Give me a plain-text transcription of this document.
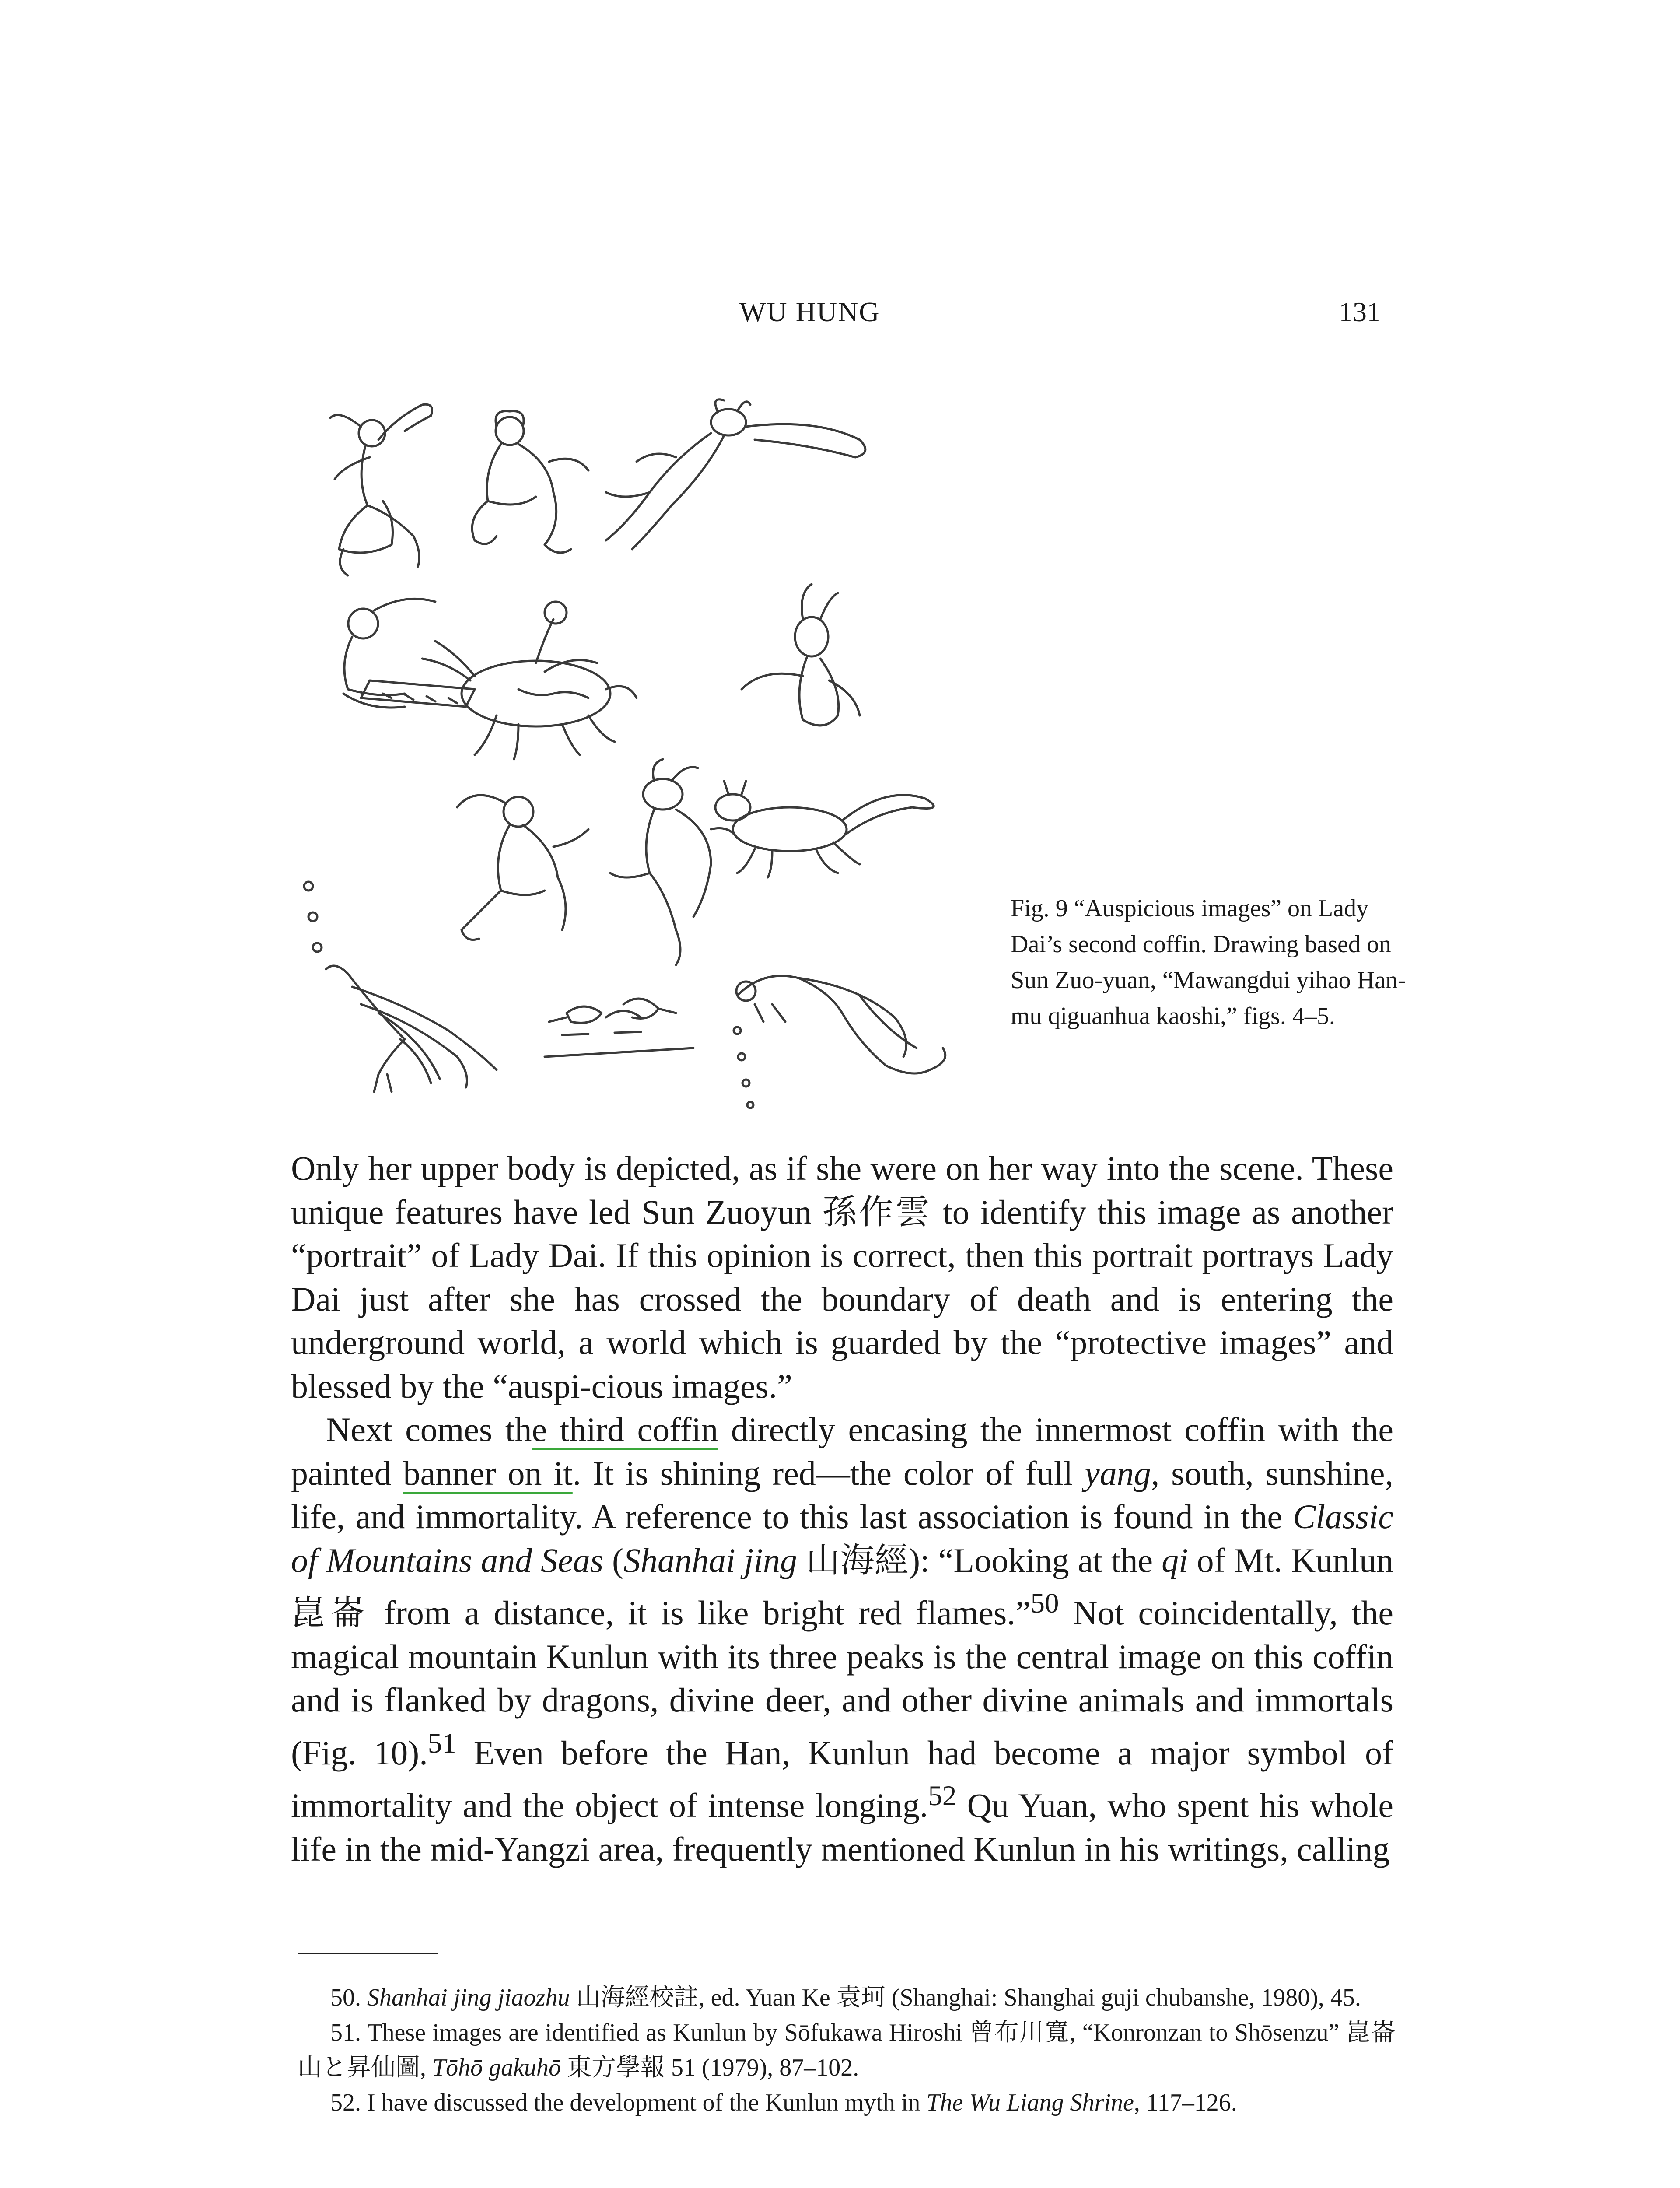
WU HUNG	131
Fig. 9 “Auspicious images” on Lady Dai’s second coffin. Drawing based on Sun Zuo-yuan, “Mawangdui yihao Han-mu qiguanhua kaoshi,” figs. 4–5.

Only her upper body is depicted, as if she were on her way into the scene. These unique features have led Sun Zuoyun 孫作雲 to identify this image as another “portrait” of Lady Dai. If this opinion is correct, then this portrait portrays Lady Dai just after she has crossed the boundary of death and is entering the underground world, a world which is guarded by the “protective images” and blessed by the “auspi-cious images.”

Next comes the third coffin directly encasing the innermost coffin with the painted banner on it. It is shining red—the color of full yang, south, sunshine, life, and immortality. A reference to this last association is found in the Classic of Mountains and Seas (Shanhai jing 山海經): “Looking at the qi of Mt. Kunlun 崑崙 from a distance, it is like bright red flames.”$^{50}$ Not coincidentally, the magical mountain Kunlun with its three peaks is the central image on this coffin and is flanked by dragons, divine deer, and other divine animals and immortals (Fig. 10).$^{51}$ Even before the Han, Kunlun had become a major symbol of immortality and the object of intense longing.$^{52}$ Qu Yuan, who spent his whole life in the mid-Yangzi area, frequently mentioned Kunlun in his writings, calling

50. Shanhai jing jiaozhu 山海經校註, ed. Yuan Ke 袁珂 (Shanghai: Shanghai guji chubanshe, 1980), 45.

51. These images are identified as Kunlun by Sōfukawa Hiroshi 曾布川寬, “Konronzan to Shōsenzu” 崑崙山と昇仙圖, Tōhō gakuhō 東方學報 51 (1979), 87–102.

52. I have discussed the development of the Kunlun myth in The Wu Liang Shrine, 117–126.
